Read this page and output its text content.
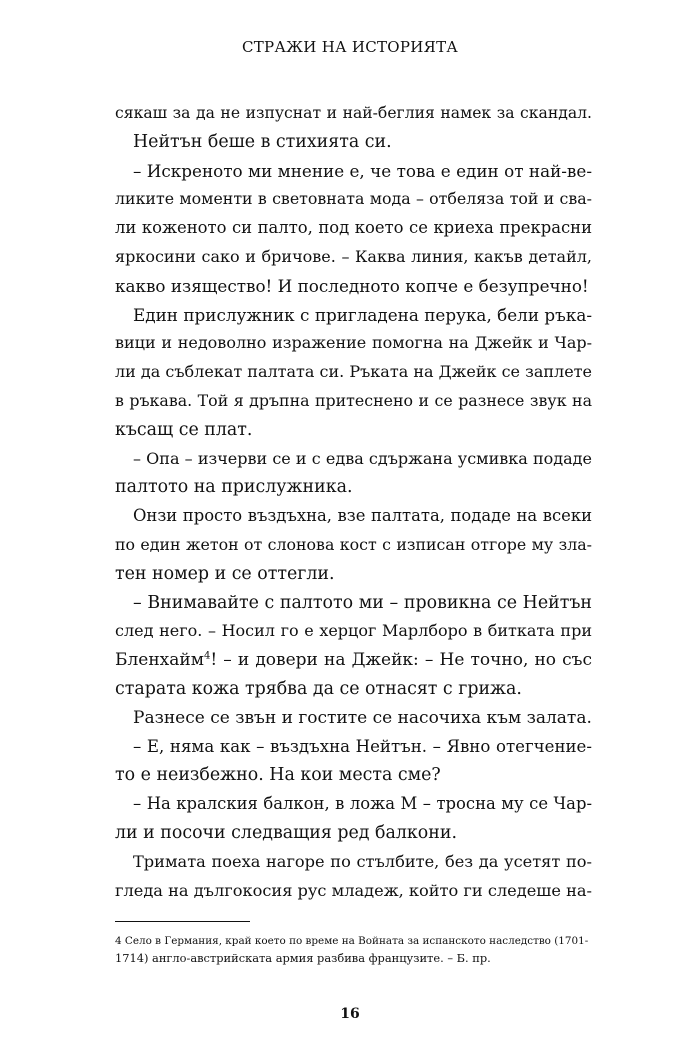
СТРАЖИ НА ИСТОРИЯТА
сякаш за да не изпуснат и най-беглия намек за скандал.
Нейтън беше в стихията си.
– Искреното ми мнение е, че това е един от най-ве-
ликите моменти в световната мода – отбеляза той и сва-
ли коженото си палто, под което се криеха прекрасни
яркосини сако и бричове. – Каква линия, какъв детайл,
какво изящество! И последното копче е безупречно!
Един прислужник с пригладена перука, бели ръка-
вици и недоволно изражение помогна на Джейк и Чар-
ли да съблекат палтата си. Ръката на Джейк се заплете
в ръкава. Той я дръпна притеснено и се разнесе звук на
късащ се плат.
– Опа – изчерви се и с едва сдържана усмивка подаде
палтото на прислужника.
Онзи просто въздъхна, взе палтата, подаде на всеки
по един жетон от слонова кост с изписан отгоре му зла-
тен номер и се оттегли.
– Внимавайте с палтото ми – провикна се Нейтън
след него. – Носил го е херцог Марлборо в битката при
Бленхайм$^4$! – и довери на Джейк: – Не точно, но със
старата кожа трябва да се отнасят с грижа.
Разнесе се звън и гостите се насочиха към залата.
– Е, няма как – въздъхна Нейтън. – Явно отегчение-
то е неизбежно. На кои места сме?
– На кралския балкон, в ложа М – тросна му се Чар-
ли и посочи следващия ред балкони.
Тримата поеха нагоре по стълбите, без да усетят по-
гледа на дългокосия рус младеж, който ги следеше на-
4 Село в Германия, край което по време на Войната за испанското наследство (1701-
1714) англо-австрийската армия разбива французите. – Б. пр.
16
